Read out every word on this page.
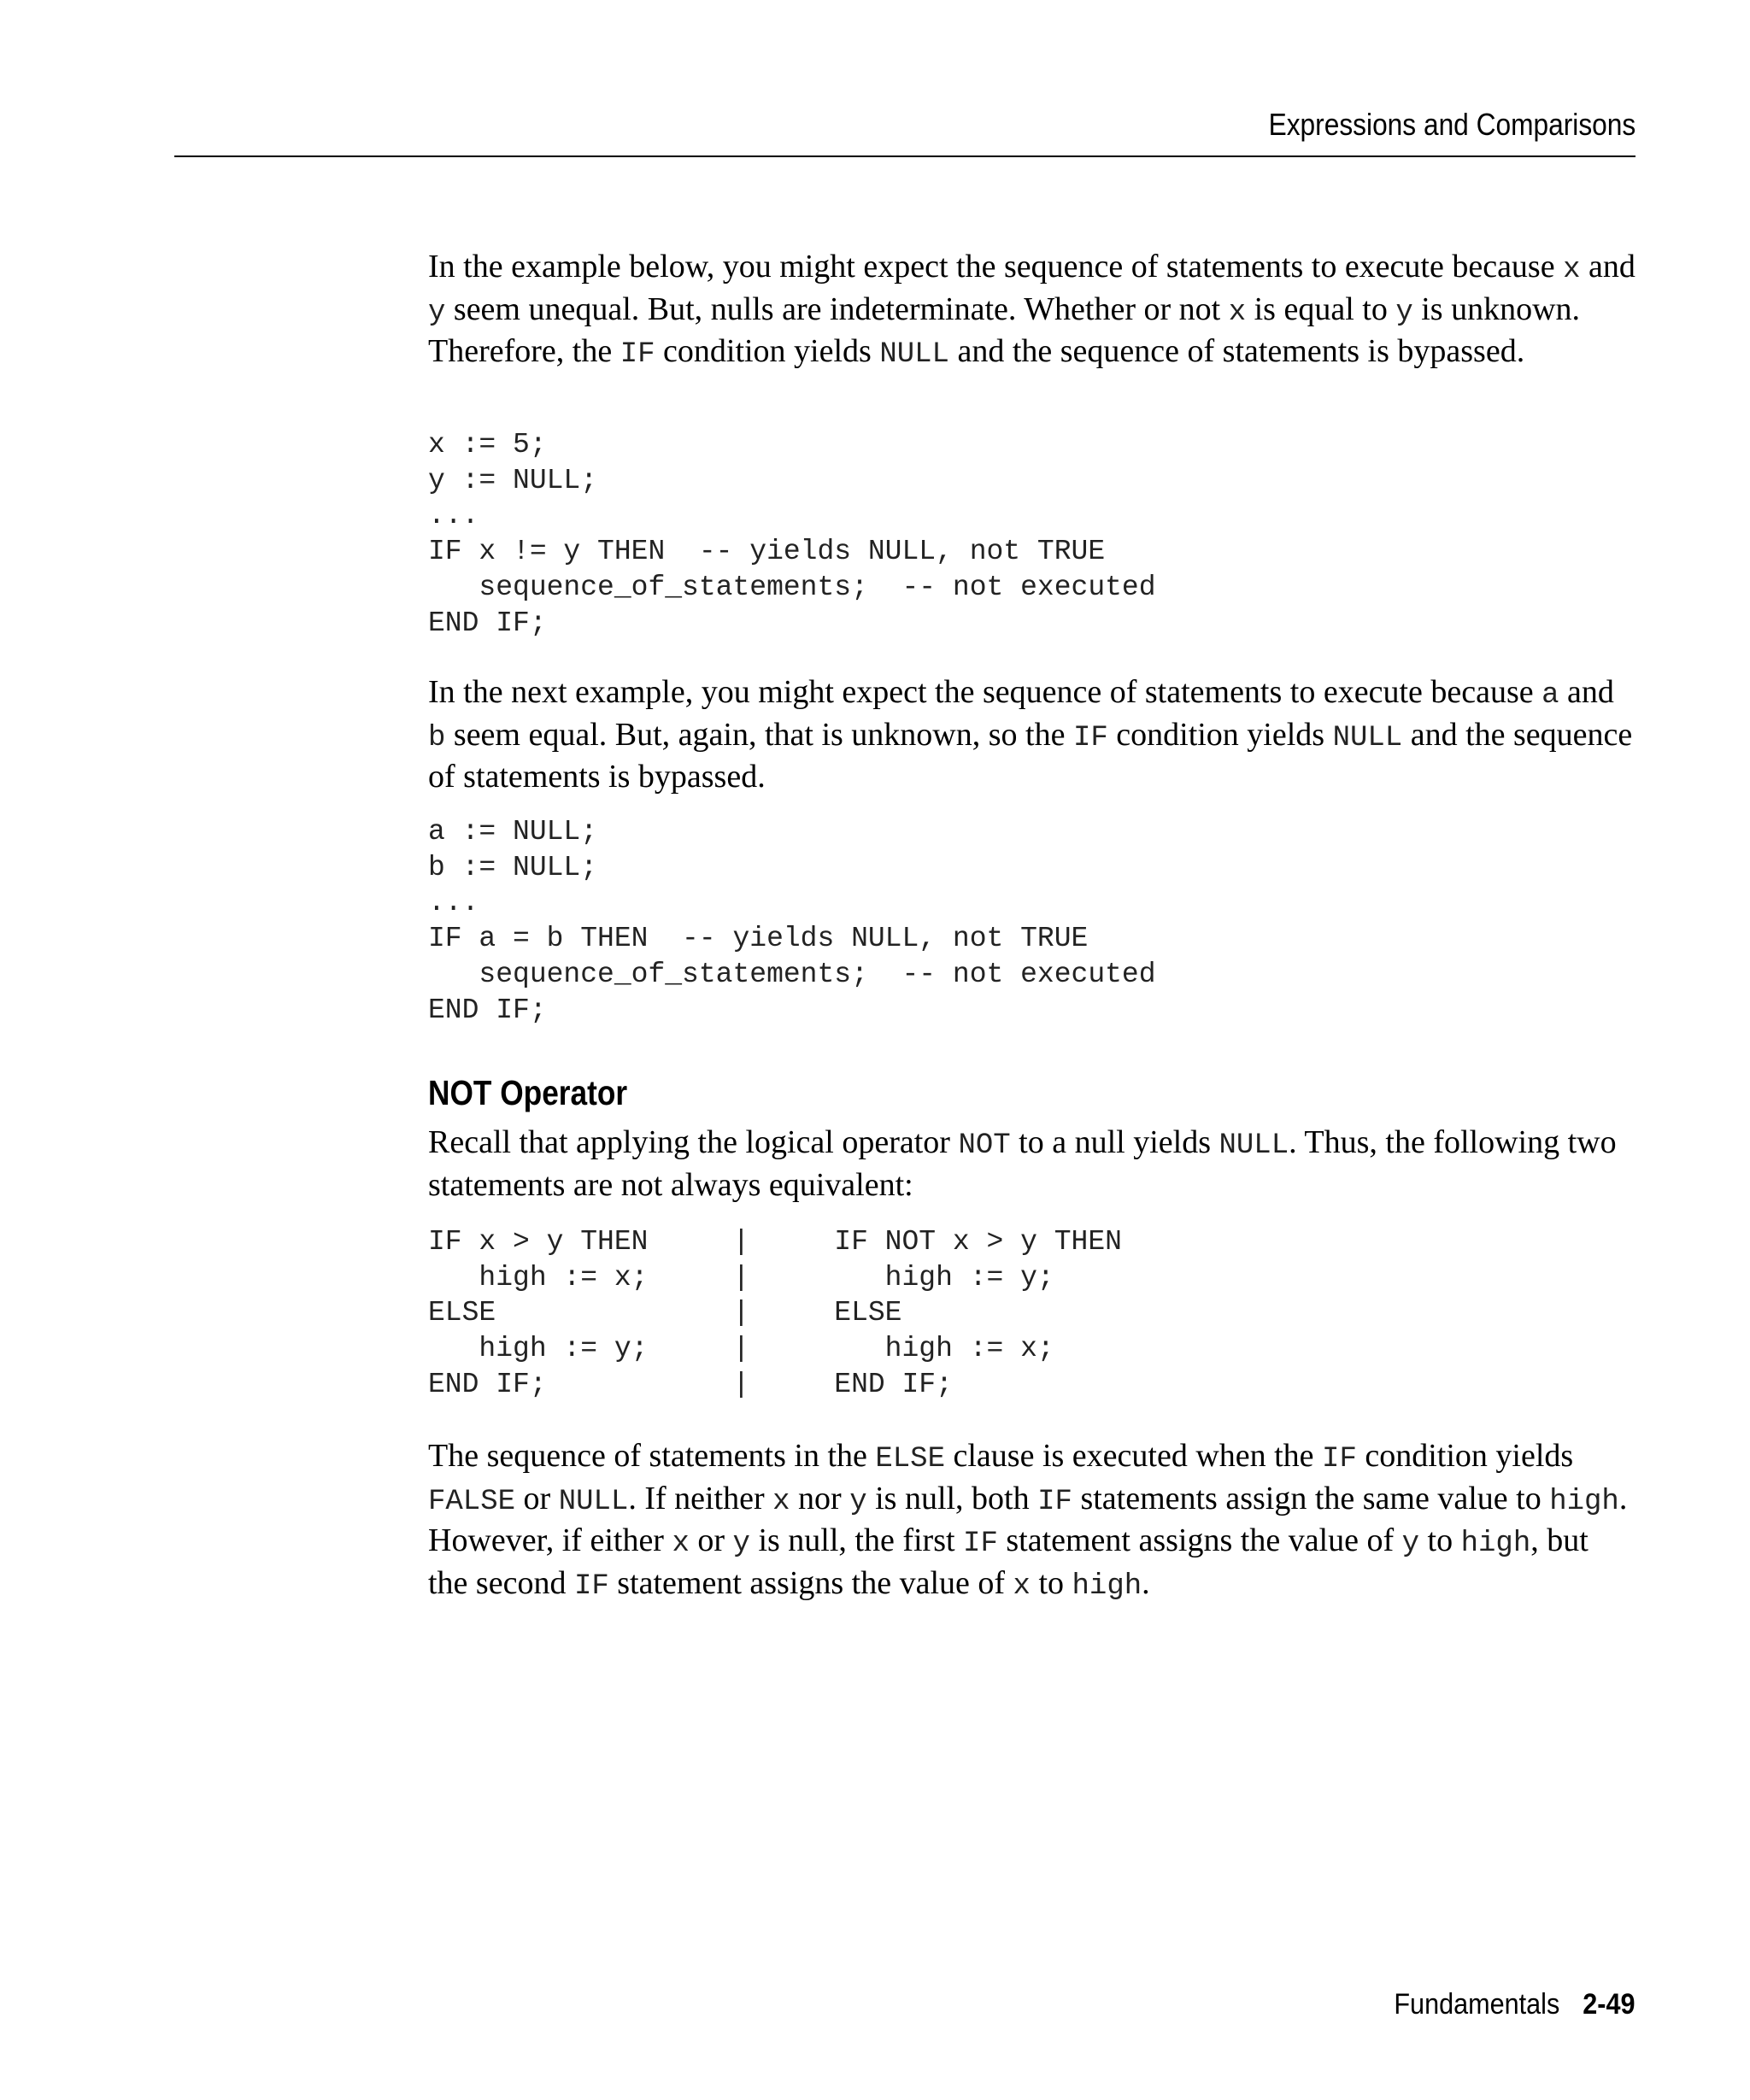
Expressions and Comparisons

In the example below, you might expect the sequence of statements to execute because x and y seem unequal. But, nulls are indeterminate. Whether or not x is equal to y is unknown. Therefore, the IF condition yields NULL and the sequence of statements is bypassed.

x := 5;
y := NULL;
...
IF x != y THEN  -- yields NULL, not TRUE
sequence_of_statements;  -- not executed
END IF;

In the next example, you might expect the sequence of statements to execute because a and b seem equal. But, again, that is unknown, so the IF condition yields NULL and the sequence of statements is bypassed.

a := NULL;
b := NULL;
...
IF a = b THEN  -- yields NULL, not TRUE
sequence_of_statements;  -- not executed
END IF;
NOT Operator

Recall that applying the logical operator NOT to a null yields NULL. Thus, the following two statements are not always equivalent:

IF x > y THEN     |     IF NOT x > y THEN
high := x;     |        high := y;
ELSE              |     ELSE
high := y;     |        high := x;
END IF;           |     END IF;

The sequence of statements in the ELSE clause is executed when the IF condition yields FALSE or NULL. If neither x nor y is null, both IF statements assign the same value to high. However, if either x or y is null, the first IF statement assigns the value of y to high, but the second IF statement assigns the value of x to high.

Fundamentals 2-49
